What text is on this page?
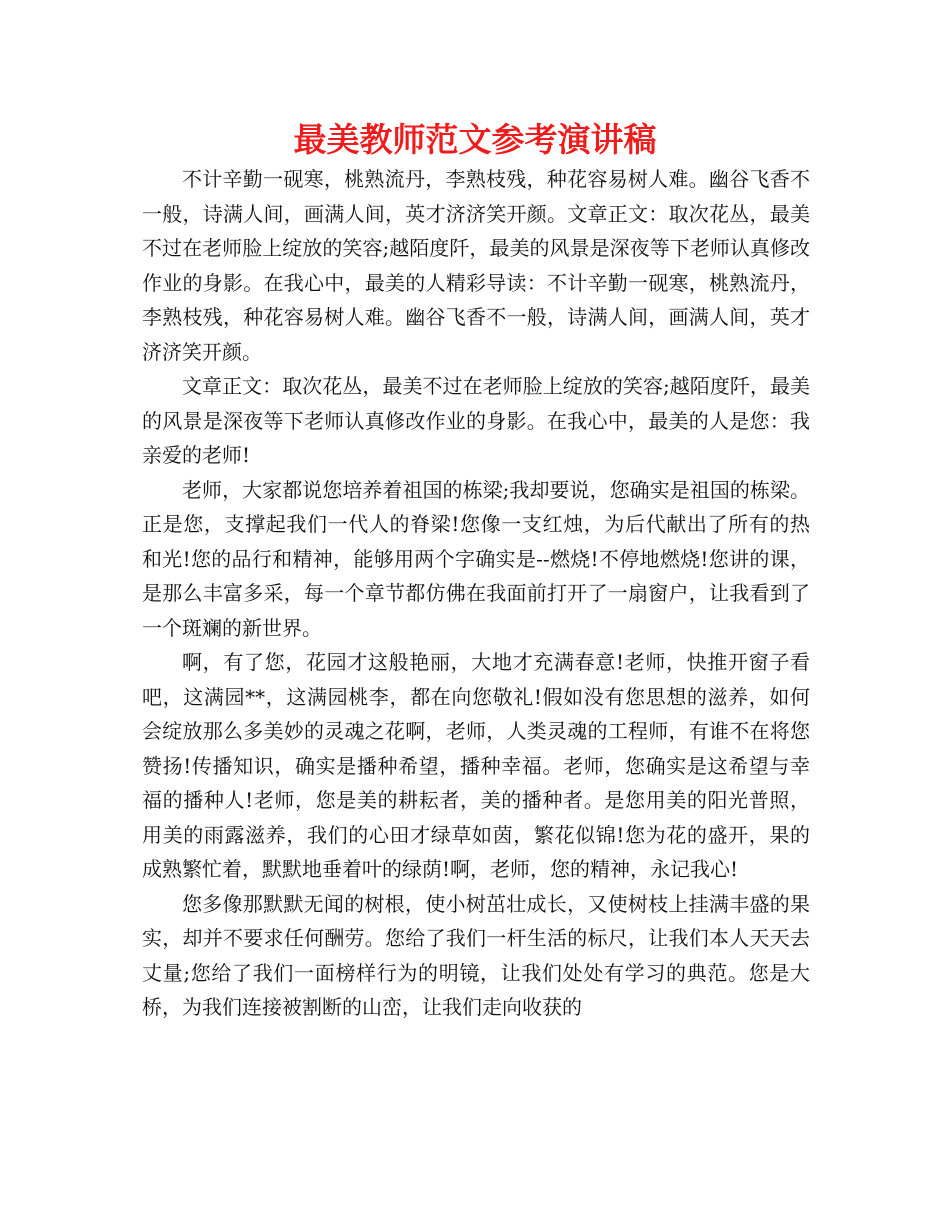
最美教师范文参考演讲稿

不计辛勤一砚寒，桃熟流丹，李熟枝残，种花容易树人难。幽谷飞香不一般，诗满人间，画满人间，英才济济笑开颜。文章正文：取次花丛，最美不过在老师脸上绽放的笑容;越陌度阡，最美的风景是深夜等下老师认真修改作业的身影。在我心中，最美的人精彩导读：不计辛勤一砚寒，桃熟流丹，李熟枝残，种花容易树人难。幽谷飞香不一般，诗满人间，画满人间，英才济济笑开颜。

文章正文：取次花丛，最美不过在老师脸上绽放的笑容;越陌度阡，最美的风景是深夜等下老师认真修改作业的身影。在我心中，最美的人是您：我亲爱的老师!

老师，大家都说您培养着祖国的栋梁;我却要说，您确实是祖国的栋梁。正是您，支撑起我们一代人的脊梁!您像一支红烛，为后代献出了所有的热和光!您的品行和精神，能够用两个字确实是--燃烧!不停地燃烧!您讲的课，是那么丰富多采，每一个章节都仿佛在我面前打开了一扇窗户，让我看到了一个斑斓的新世界。

啊，有了您，花园才这般艳丽，大地才充满春意!老师，快推开窗子看吧，这满园**，这满园桃李，都在向您敬礼!假如没有您思想的滋养，如何会绽放那么多美妙的灵魂之花啊，老师，人类灵魂的工程师，有谁不在将您赞扬!传播知识，确实是播种希望，播种幸福。老师，您确实是这希望与幸福的播种人!老师，您是美的耕耘者，美的播种者。是您用美的阳光普照，用美的雨露滋养，我们的心田才绿草如茵，繁花似锦!您为花的盛开，果的成熟繁忙着，默默地垂着叶的绿荫!啊，老师，您的精神，永记我心!

您多像那默默无闻的树根，使小树茁壮成长，又使树枝上挂满丰盛的果实，却并不要求任何酬劳。您给了我们一杆生活的标尺，让我们本人天天去丈量;您给了我们一面榜样行为的明镜，让我们处处有学习的典范。您是大桥，为我们连接被割断的山峦，让我们走向收获的
